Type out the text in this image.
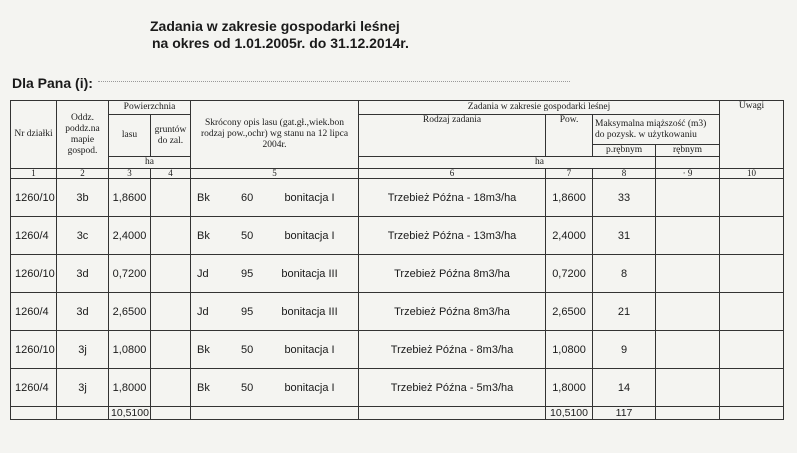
Zadania w zakresie gospodarki leśnej
na okres od 1.01.2005r. do 31.12.2014r.
Dla Pana (i):
Nr działki	Oddz. poddz.na mapie gospod.	Powierzchnia		Skrócony opis lasu (gat.gł.,wiek.bon rodzaj pow.,ochr) wg stanu na 12 lipca 2004r.	Zadania w zakresie gospodarki leśnej				Uwagi
		lasu	gruntów do zal.		Rodzaj zadania	Pow.	Maksymalna miąższość (m3) do pozysk. w użytkowaniu		
							p.rębnym	rębnym	
		ha			ha				
1	2	3	4	5	6	7	8	· 9	10
1260/10	3b	1,8600		Bk 60 bonitacja I	Trzebież Późna - 18m3/ha	1,8600	33		
1260/4	3c	2,4000		Bk 50 bonitacja I	Trzebież Późna - 13m3/ha	2,4000	31		
1260/10	3d	0,7200		Jd 95 bonitacja III	Trzebież Późna 8m3/ha	0,7200	8		
1260/4	3d	2,6500		Jd 95 bonitacja III	Trzebież Późna 8m3/ha	2,6500	21		
1260/10	3j	1,0800		Bk 50 bonitacja I	Trzebież Późna - 8m3/ha	1,0800	9		
1260/4	3j	1,8000		Bk 50 bonitacja I	Trzebież Późna - 5m3/ha	1,8000	14		
		10,5100				10,5100	117		
